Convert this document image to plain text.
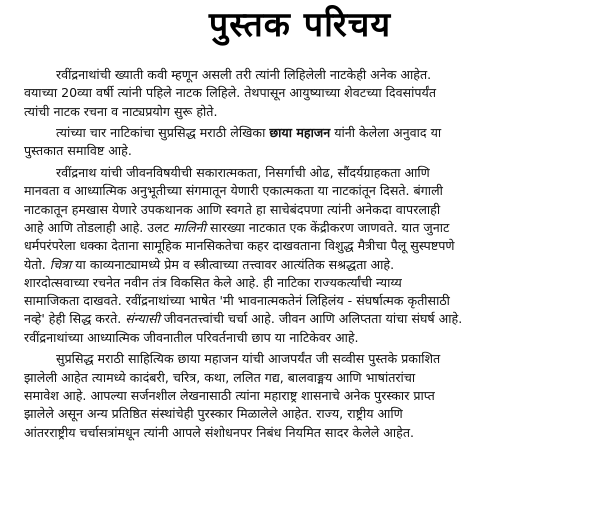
पुस्तक परिचय
रवींद्रनाथांची ख्याती कवी म्हणून असली तरी त्यांनी लिहिलेली नाटकेही अनेक आहेत.
वयाच्या 20व्या वर्षी त्यांनी पहिले नाटक लिहिले. तेथपासून आयुष्याच्या शेवटच्या दिवसांपर्यंत
त्यांची नाटक रचना व नाट्यप्रयोग सुरू होते.
त्यांच्या चार नाटिकांचा सुप्रसिद्ध मराठी लेखिका छाया महाजन यांनी केलेला अनुवाद या
पुस्तकात समाविष्ट आहे.
रवींद्रनाथ यांची जीवनविषयीची सकारात्मकता, निसर्गाची ओढ, सौंदर्यग्राहकता आणि
मानवता व आध्यात्मिक अनुभूतीच्या संगमातून येणारी एकात्मकता या नाटकांतून दिसते. बंगाली
नाटकातून हमखास येणारे उपकथानक आणि स्वगते हा साचेबंदपणा त्यांनी अनेकदा वापरलाही
आहे आणि तोडलाही आहे. उलट मालिनी सारख्या नाटकात एक केंद्रीकरण जाणवते. यात जुनाट
धर्मपरंपरेला धक्का देताना सामूहिक मानसिकतेचा कहर दाखवताना विशुद्ध मैत्रीचा पैलू सुस्पष्टपणे
येतो. चित्रा या काव्यनाट्यामध्ये प्रेम व स्त्रीत्वाच्या तत्त्वावर आत्यंतिक सश्रद्धता आहे.
शारदोत्सवाच्या रचनेत नवीन तंत्र विकसित केले आहे. ही नाटिका राज्यकर्त्यांची न्याय्य
सामाजिकता दाखवते. रवींद्रनाथांच्या भाषेत 'मी भावनात्मकतेनं लिहिलंय - संघर्षात्मक कृतीसाठी
नव्हे' हेही सिद्ध करते. संन्यासी जीवनतत्त्वांची चर्चा आहे. जीवन आणि अलिप्तता यांचा संघर्ष आहे.
रवींद्रनाथांच्या आध्यात्मिक जीवनातील परिवर्तनाची छाप या नाटिकेवर आहे.
सुप्रसिद्ध मराठी साहित्यिक छाया महाजन यांची आजपर्यंत जी सव्वीस पुस्तके प्रकाशित
झालेली आहेत त्यामध्ये कादंबरी, चरित्र, कथा, ललित गद्य, बालवाङ्मय आणि भाषांतरांचा
समावेश आहे. आपल्या सर्जनशील लेखनासाठी त्यांना महाराष्ट्र शासनाचे अनेक पुरस्कार प्राप्त
झालेले असून अन्य प्रतिष्ठित संस्थांचेही पुरस्कार मिळालेले आहेत. राज्य, राष्ट्रीय आणि
आंतरराष्ट्रीय चर्चासत्रांमधून त्यांनी आपले संशोधनपर निबंध नियमित सादर केलेले आहेत.
